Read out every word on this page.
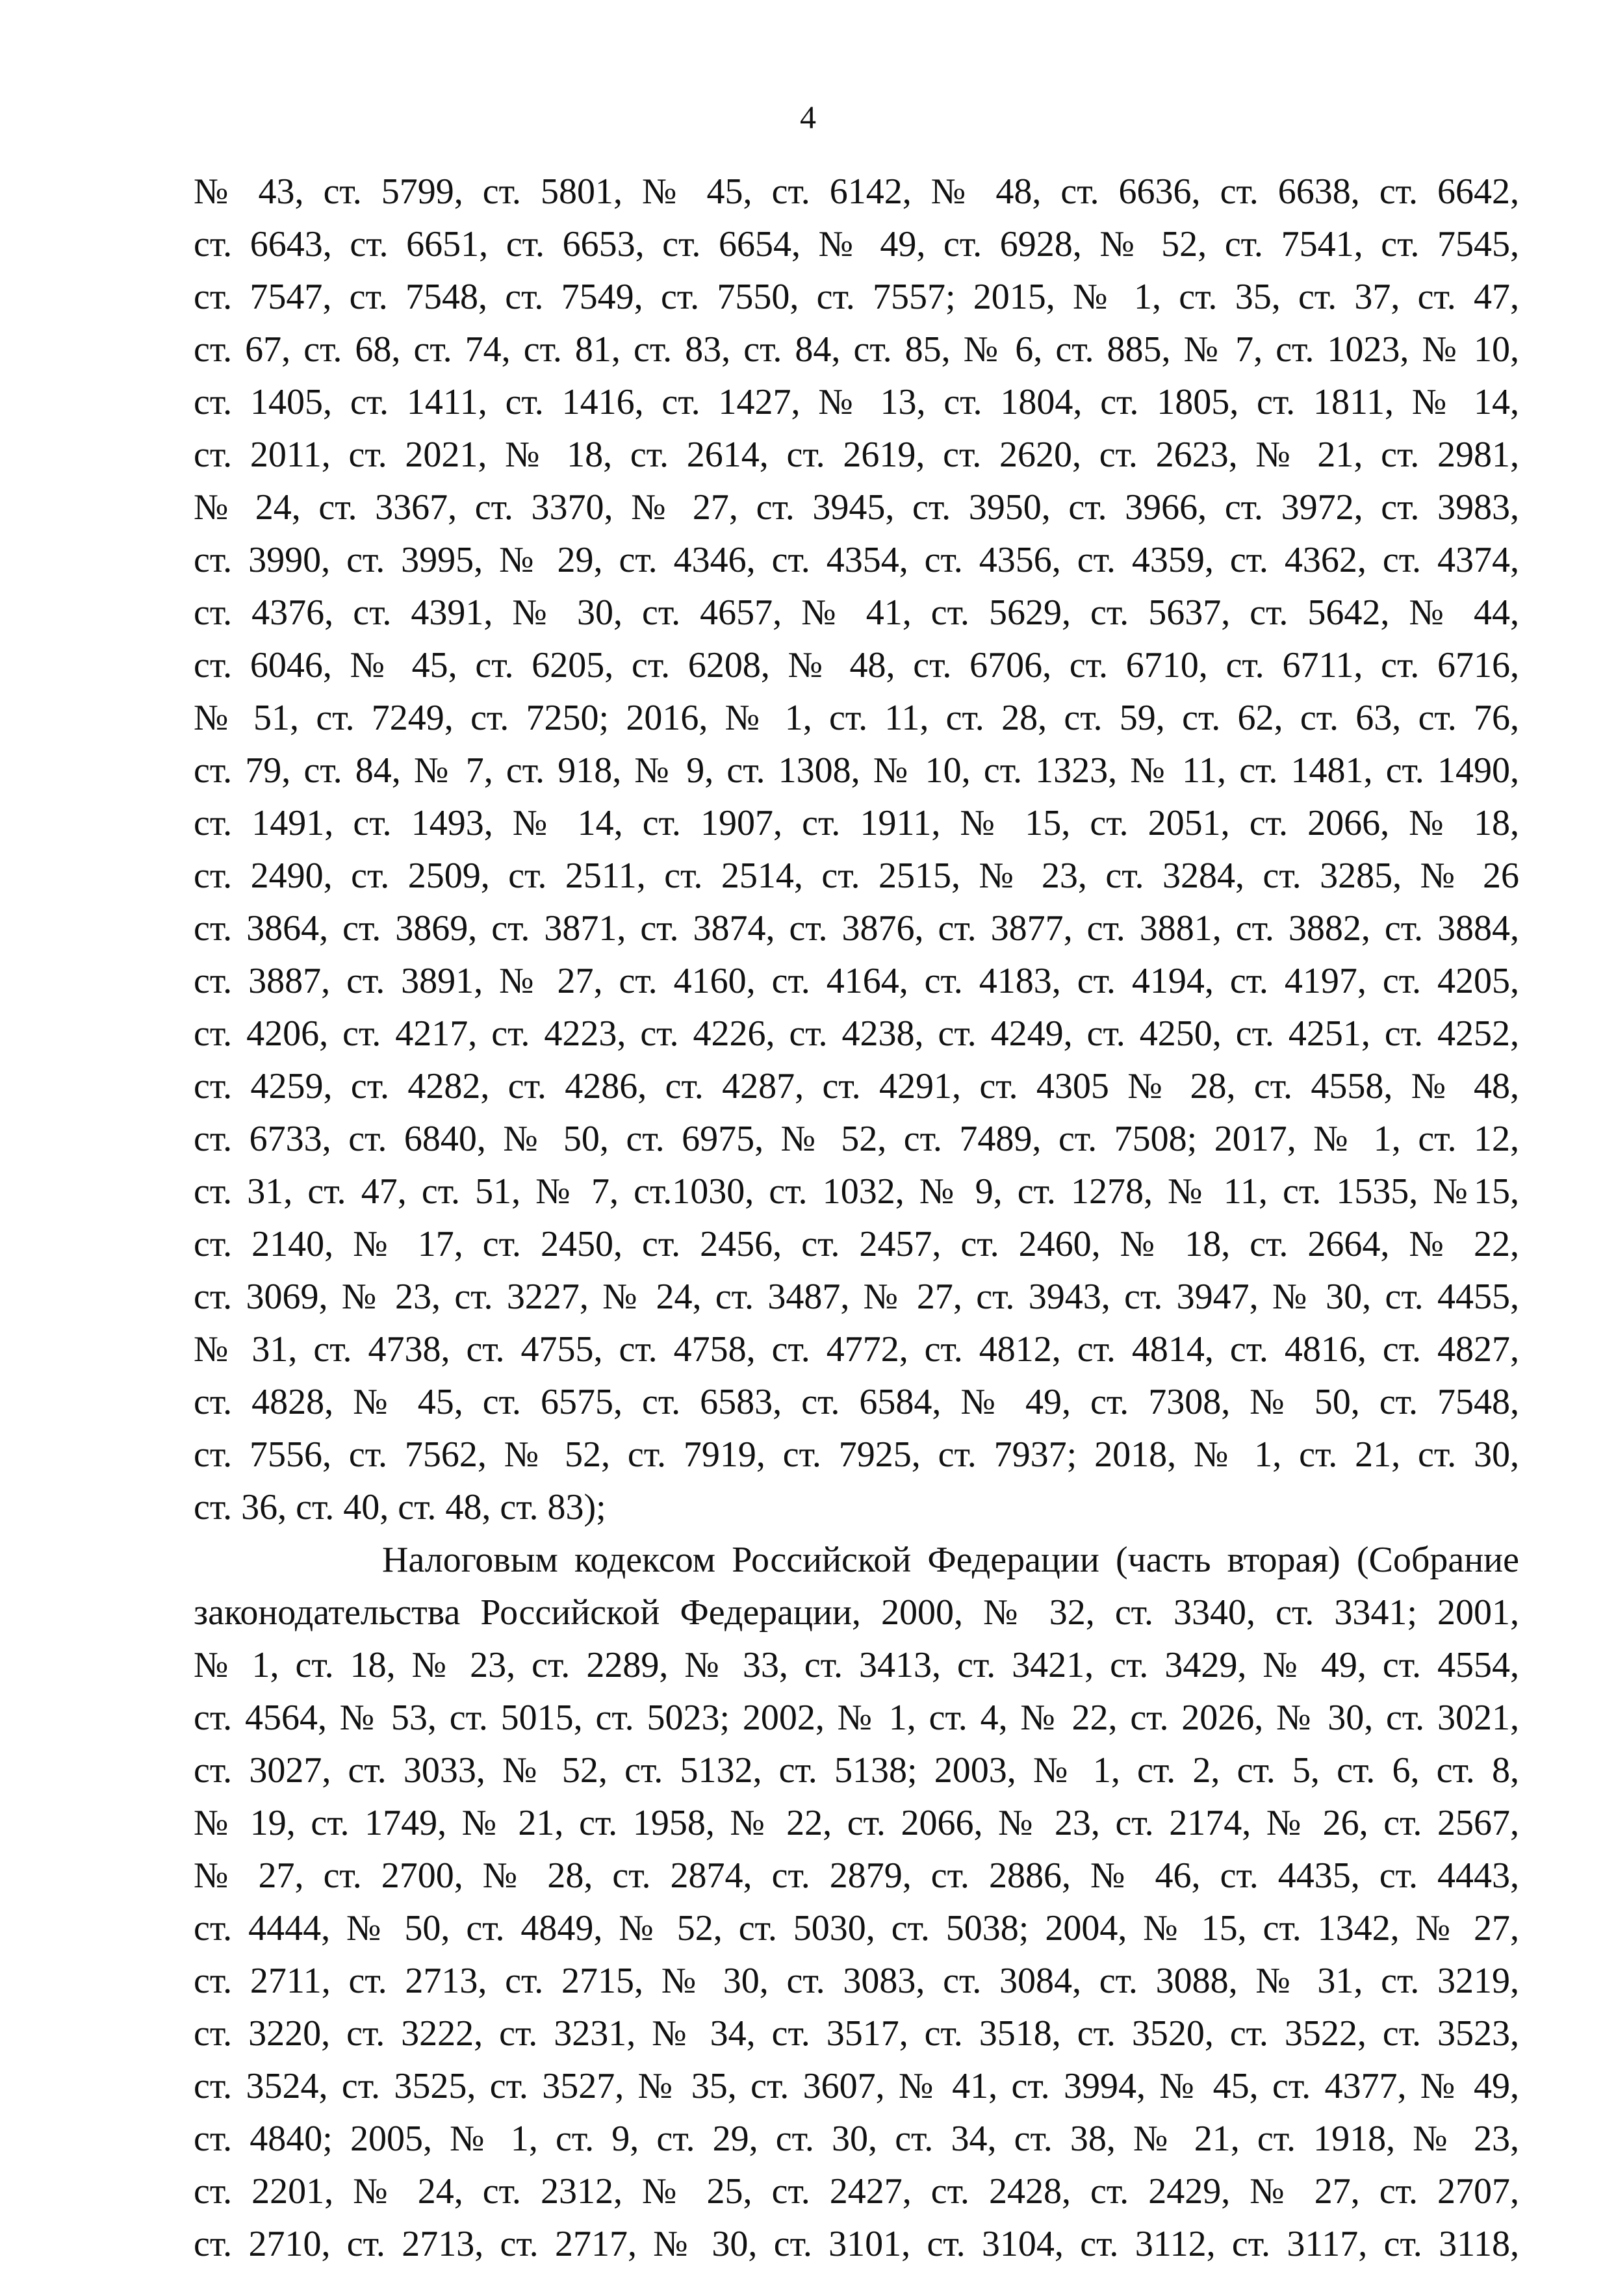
4
№ 43, ст. 5799, ст. 5801, № 45, ст. 6142, № 48, ст. 6636, ст. 6638, ст. 6642,
ст. 6643, ст. 6651, ст. 6653, ст. 6654, № 49, ст. 6928, № 52, ст. 7541, ст. 7545,
ст. 7547, ст. 7548, ст. 7549, ст. 7550, ст. 7557; 2015, № 1, ст. 35, ст. 37, ст. 47,
ст. 67, ст. 68, ст. 74, ст. 81, ст. 83, ст. 84, ст. 85, № 6, ст. 885, № 7, ст. 1023, № 10,
ст. 1405, ст. 1411, ст. 1416, ст. 1427, № 13, ст. 1804, ст. 1805, ст. 1811, № 14,
ст. 2011, ст. 2021, № 18, ст. 2614, ст. 2619, ст. 2620, ст. 2623, № 21, ст. 2981,
№ 24, ст. 3367, ст. 3370, № 27, ст. 3945, ст. 3950, ст. 3966, ст. 3972, ст. 3983,
ст. 3990, ст. 3995, № 29, ст. 4346, ст. 4354, ст. 4356, ст. 4359, ст. 4362, ст. 4374,
ст. 4376, ст. 4391, № 30, ст. 4657, № 41, ст. 5629, ст. 5637, ст. 5642, № 44,
ст. 6046, № 45, ст. 6205, ст. 6208, № 48, ст. 6706, ст. 6710, ст. 6711, ст. 6716,
№ 51, ст. 7249, ст. 7250; 2016, № 1, ст. 11, ст. 28, ст. 59, ст. 62, ст. 63, ст. 76,
ст. 79, ст. 84, № 7, ст. 918, № 9, ст. 1308, № 10, ст. 1323, № 11, ст. 1481, ст. 1490,
ст. 1491, ст. 1493, № 14, ст. 1907, ст. 1911, № 15, ст. 2051, ст. 2066, № 18,
ст. 2490, ст. 2509, ст. 2511, ст. 2514, ст. 2515, № 23, ст. 3284, ст. 3285, № 26
ст. 3864, ст. 3869, ст. 3871, ст. 3874, ст. 3876, ст. 3877, ст. 3881, ст. 3882, ст. 3884,
ст. 3887, ст. 3891, № 27, ст. 4160, ст. 4164, ст. 4183, ст. 4194, ст. 4197, ст. 4205,
ст. 4206, ст. 4217, ст. 4223, ст. 4226, ст. 4238, ст. 4249, ст. 4250, ст. 4251, ст. 4252,
ст. 4259, ст. 4282, ст. 4286, ст. 4287, ст. 4291, ст. 4305 № 28, ст. 4558, № 48,
ст. 6733, ст. 6840, № 50, ст. 6975, № 52, ст. 7489, ст. 7508; 2017, № 1, ст. 12,
ст. 31, ст. 47, ст. 51, № 7, ст.1030, ст. 1032, № 9, ст. 1278, № 11, ст. 1535, №15,
ст. 2140, № 17, ст. 2450, ст. 2456, ст. 2457, ст. 2460, № 18, ст. 2664, № 22,
ст. 3069, № 23, ст. 3227, № 24, ст. 3487, № 27, ст. 3943, ст. 3947, № 30, ст. 4455,
№ 31, ст. 4738, ст. 4755, ст. 4758, ст. 4772, ст. 4812, ст. 4814, ст. 4816, ст. 4827,
ст. 4828, № 45, ст. 6575, ст. 6583, ст. 6584, № 49, ст. 7308, № 50, ст. 7548,
ст. 7556, ст. 7562, № 52, ст. 7919, ст. 7925, ст. 7937; 2018, № 1, ст. 21, ст. 30,
ст. 36, ст. 40, ст. 48, ст. 83);
Налоговым кодексом Российской Федерации (часть вторая) (Собрание
законодательства Российской Федерации, 2000, № 32, ст. 3340, ст. 3341; 2001,
№ 1, ст. 18, № 23, ст. 2289, № 33, ст. 3413, ст. 3421, ст. 3429, № 49, ст. 4554,
ст. 4564, № 53, ст. 5015, ст. 5023; 2002, № 1, ст. 4, № 22, ст. 2026, № 30, ст. 3021,
ст. 3027, ст. 3033, № 52, ст. 5132, ст. 5138; 2003, № 1, ст. 2, ст. 5, ст. 6, ст. 8,
№ 19, ст. 1749, № 21, ст. 1958, № 22, ст. 2066, № 23, ст. 2174, № 26, ст. 2567,
№ 27, ст. 2700, № 28, ст. 2874, ст. 2879, ст. 2886, № 46, ст. 4435, ст. 4443,
ст. 4444, № 50, ст. 4849, № 52, ст. 5030, ст. 5038; 2004, № 15, ст. 1342, № 27,
ст. 2711, ст. 2713, ст. 2715, № 30, ст. 3083, ст. 3084, ст. 3088, № 31, ст. 3219,
ст. 3220, ст. 3222, ст. 3231, № 34, ст. 3517, ст. 3518, ст. 3520, ст. 3522, ст. 3523,
ст. 3524, ст. 3525, ст. 3527, № 35, ст. 3607, № 41, ст. 3994, № 45, ст. 4377, № 49,
ст. 4840; 2005, № 1, ст. 9, ст. 29, ст. 30, ст. 34, ст. 38, № 21, ст. 1918, № 23,
ст. 2201, № 24, ст. 2312, № 25, ст. 2427, ст. 2428, ст. 2429, № 27, ст. 2707,
ст. 2710, ст. 2713, ст. 2717, № 30, ст. 3101, ст. 3104, ст. 3112, ст. 3117, ст. 3118,
